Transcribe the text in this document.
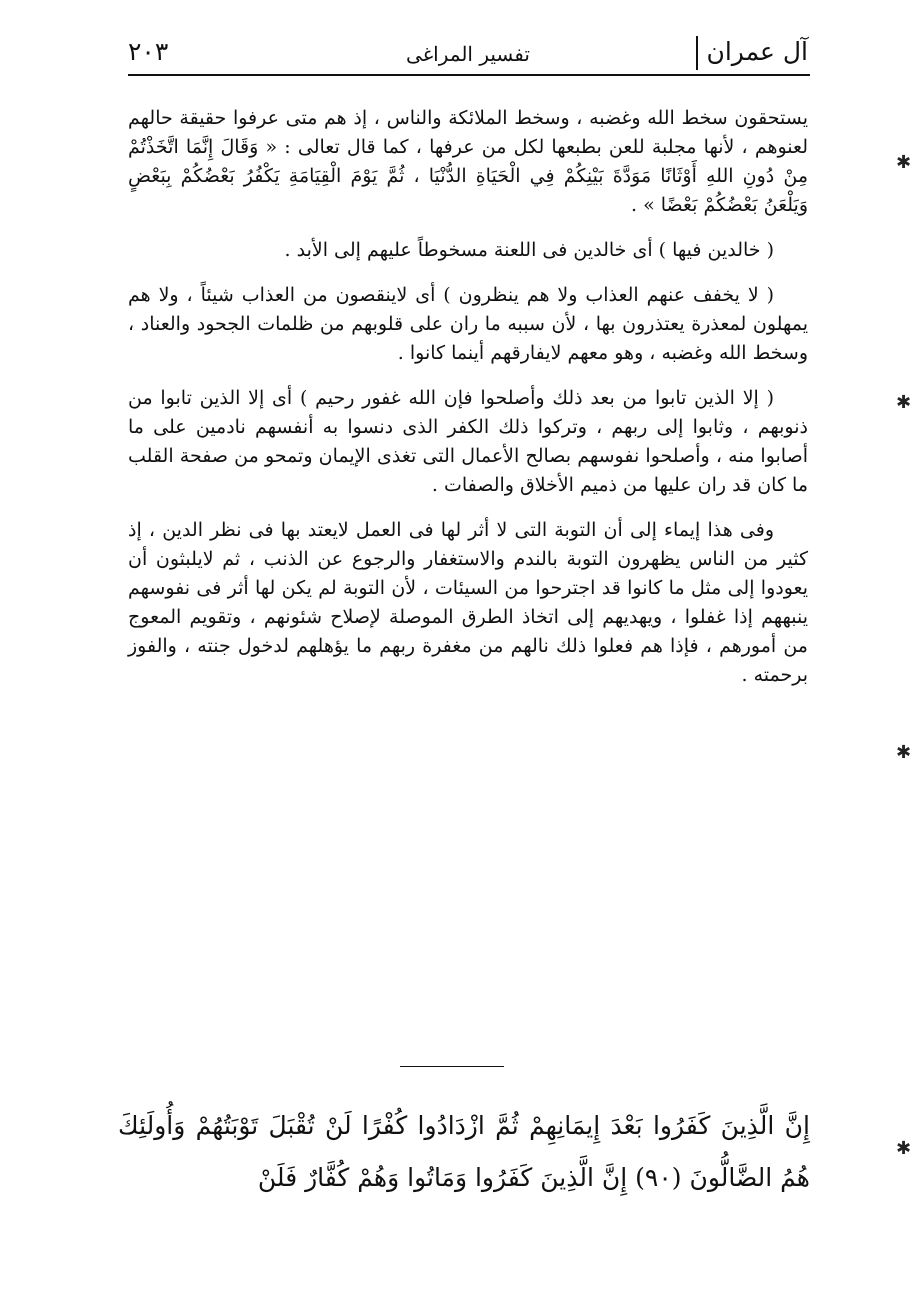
آل عمران
تفسير المراغى
٢٠٣

يستحقون سخط الله وغضبه ، وسخط الملائكة والناس ، إذ هم متى عرفوا حقيقة حالهم لعنوهم ، لأنها مجلبة للعن بطبعها لكل من عرفها ، كما قال تعالى : « وَقَالَ إِنَّمَا اتَّخَذْتُمْ مِنْ دُونِ اللهِ أَوْثَانًا مَوَدَّةَ بَيْنِكُمْ فِي الْحَيَاةِ الدُّنْيَا ، ثُمَّ يَوْمَ الْقِيَامَةِ يَكْفُرُ بَعْضُكُمْ بِبَعْضٍ وَيَلْعَنُ بَعْضُكُمْ بَعْضًا » .

( خالدين فيها ) أى خالدين فى اللعنة مسخوطاً عليهم إلى الأبد .

( لا يخفف عنهم العذاب ولا هم ينظرون ) أى لاينقصون من العذاب شيئاً ، ولا هم يمهلون لمعذرة يعتذرون بها ، لأن سببه ما ران على قلوبهم من ظلمات الجحود والعناد ، وسخط الله وغضبه ، وهو معهم لايفارقهم أينما كانوا .

( إلا الذين تابوا من بعد ذلك وأصلحوا فإن الله غفور رحيم ) أى إلا الذين تابوا من ذنوبهم ، وثابوا إلى ربهم ، وتركوا ذلك الكفر الذى دنسوا به أنفسهم نادمين على ما أصابوا منه ، وأصلحوا نفوسهم بصالح الأعمال التى تغذى الإيمان وتمحو من صفحة القلب ما كان قد ران عليها من ذميم الأخلاق والصفات .

وفى هذا إيماء إلى أن التوبة التى لا أثر لها فى العمل لايعتد بها فى نظر الدين ، إذ كثير من الناس يظهرون التوبة بالندم والاستغفار والرجوع عن الذنب ، ثم لايلبثون أن يعودوا إلى مثل ما كانوا قد اجترحوا من السيئات ، لأن التوبة لم يكن لها أثر فى نفوسهم ينبههم إذا غفلوا ، ويهديهم إلى اتخاذ الطرق الموصلة لإصلاح شئونهم ، وتقويم المعوج من أمورهم ، فإذا هم فعلوا ذلك نالهم من مغفرة ربهم ما يؤهلهم لدخول جنته ، والفوز برحمته .

إِنَّ الَّذِينَ كَفَرُوا بَعْدَ إِيمَانِهِمْ ثُمَّ ازْدَادُوا كُفْرًا لَنْ تُقْبَلَ تَوْبَتُهُمْ وَأُولَئِكَ هُمُ الضَّالُّونَ (٩٠) إِنَّ الَّذِينَ كَفَرُوا وَمَاتُوا وَهُمْ كُفَّارٌ فَلَنْ
✱
✱
✱
✱
